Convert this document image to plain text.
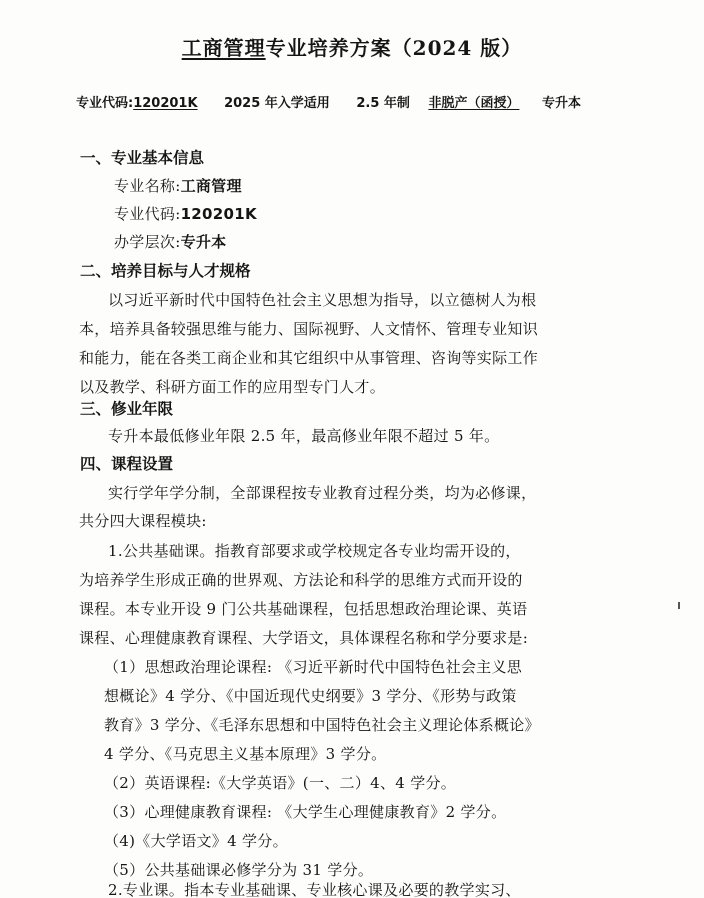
工商管理专业培养方案（2024 版）
专业代码:120201K 2025 年入学适用 2.5 年制 非脱产（函授） 专升本
一、专业基本信息
专业名称:工商管理
专业代码:120201K
办学层次:专升本
二、培养目标与人才规格
以习近平新时代中国特色社会主义思想为指导，以立德树人为根
本，培养具备较强思维与能力、国际视野、人文情怀、管理专业知识
和能力，能在各类工商企业和其它组织中从事管理、咨询等实际工作
以及教学、科研方面工作的应用型专门人才。
三、修业年限
专升本最低修业年限 2.5 年，最高修业年限不超过 5 年。
四、课程设置
实行学年学分制，全部课程按专业教育过程分类，均为必修课，
共分四大课程模块:
1.公共基础课。指教育部要求或学校规定各专业均需开设的，
为培养学生形成正确的世界观、方法论和科学的思维方式而开设的
课程。本专业开设 9 门公共基础课程，包括思想政治理论课、英语
课程、心理健康教育课程、大学语文，具体课程名称和学分要求是:
（1）思想政治理论课程: 《习近平新时代中国特色社会主义思
想概论》4 学分、《中国近现代史纲要》3 学分、《形势与政策
教育》3 学分、《毛泽东思想和中国特色社会主义理论体系概论》
4 学分、《马克思主义基本原理》3 学分。
（2）英语课程:《大学英语》(一、二）4、4 学分。
（3）心理健康教育课程: 《大学生心理健康教育》2 学分。
（4)《大学语文》4 学分。
（5）公共基础课必修学分为 31 学分。
2.专业课。指本专业基础课、专业核心课及必要的教学实习、
